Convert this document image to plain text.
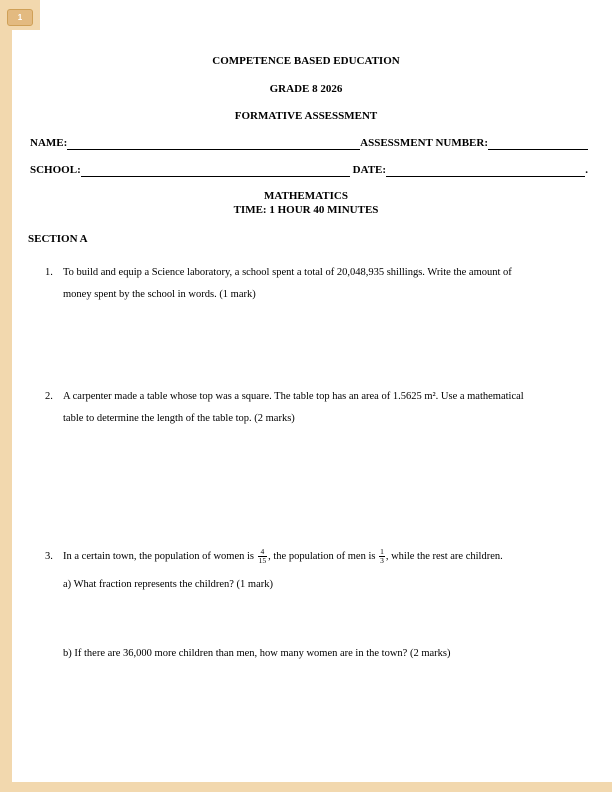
1
COMPETENCE BASED EDUCATION
GRADE 8 2026
FORMATIVE ASSESSMENT
NAME:	ASSESSMENT NUMBER:
SCHOOL:	DATE:	.
MATHEMATICS
TIME: 1 HOUR 40 MINUTES
SECTION A
1. To build and equip a Science laboratory, a school spent a total of 20,048,935 shillings. Write the amount of
money spent by the school in words. (1 mark)
2. A carpenter made a table whose top was a square. The table top has an area of 1.5625 m². Use a mathematical
table to determine the length of the table top. (2 marks)
3. In a certain town, the population of women is $\frac{4}{15}$ , the population of men is $\frac{1}{3}$ , while the rest are children.
a) What fraction represents the children? (1 mark)
b) If there are 36,000 more children than men, how many women are in the town? (2 marks)
